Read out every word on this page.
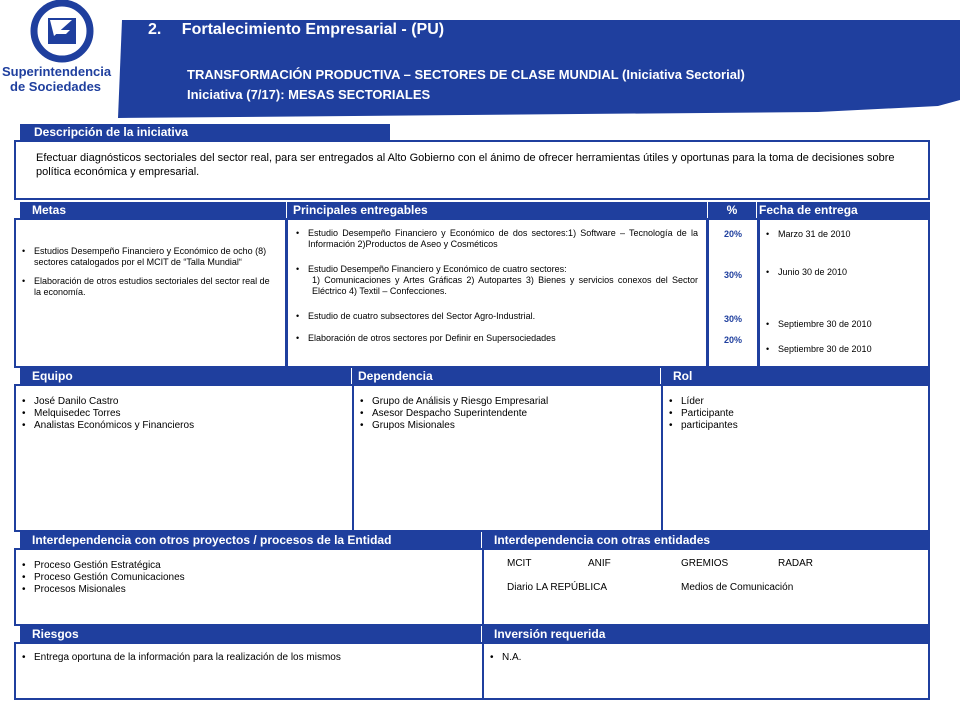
Superintendencia
de Sociedades
2. Fortalecimiento Empresarial - (PU)
TRANSFORMACIÓN PRODUCTIVA – SECTORES DE CLASE MUNDIAL (Iniciativa Sectorial)
Iniciativa (7/17): MESAS SECTORIALES
Descripción de la iniciativa
Efectuar diagnósticos sectoriales del sector real, para ser entregados al Alto Gobierno con el ánimo de ofrecer herramientas útiles y oportunas para la toma de decisiones sobre política económica y empresarial.
Metas	Principales entregables	%	Fecha de entrega
• Estudios Desempeño Financiero y Económico de ocho (8) sectores catalogados por el MCIT de “Talla Mundial“
• Elaboración de otros estudios sectoriales del sector real de la economía.
• Estudio Desempeño Financiero y Económico de dos sectores:1) Software – Tecnología de la Información 2)Productos de Aseo y Cosméticos
• Estudio Desempeño Financiero y Económico de cuatro sectores:
1) Comunicaciones y Artes Gráficas 2) Autopartes 3) Bienes y servicios conexos del Sector Eléctrico 4) Textil – Confecciones.
• Estudio de cuatro subsectores del Sector Agro-Industrial.
• Elaboración de otros sectores por Definir en Supersociedades
20%
30%
30%
20%
• Marzo 31 de 2010
• Junio 30 de 2010
• Septiembre 30 de 2010
• Septiembre 30 de 2010
Equipo	Dependencia	Rol
• José Danilo Castro
• Melquisedec Torres
• Analistas Económicos y Financieros
• Grupo de Análisis y Riesgo Empresarial
• Asesor Despacho Superintendente
• Grupos Misionales
• Líder
• Participante
• participantes
Interdependencia con otros proyectos / procesos de la Entidad	Interdependencia con otras entidades
• Proceso Gestión Estratégica
• Proceso Gestión Comunicaciones
• Procesos Misionales
MCIT	ANIF	GREMIOS	RADAR
Diario LA REPÚBLICA	Medios de Comunicación
Riesgos	Inversión requerida
• Entrega oportuna de la información para la realización de los mismos
•	N.A.
